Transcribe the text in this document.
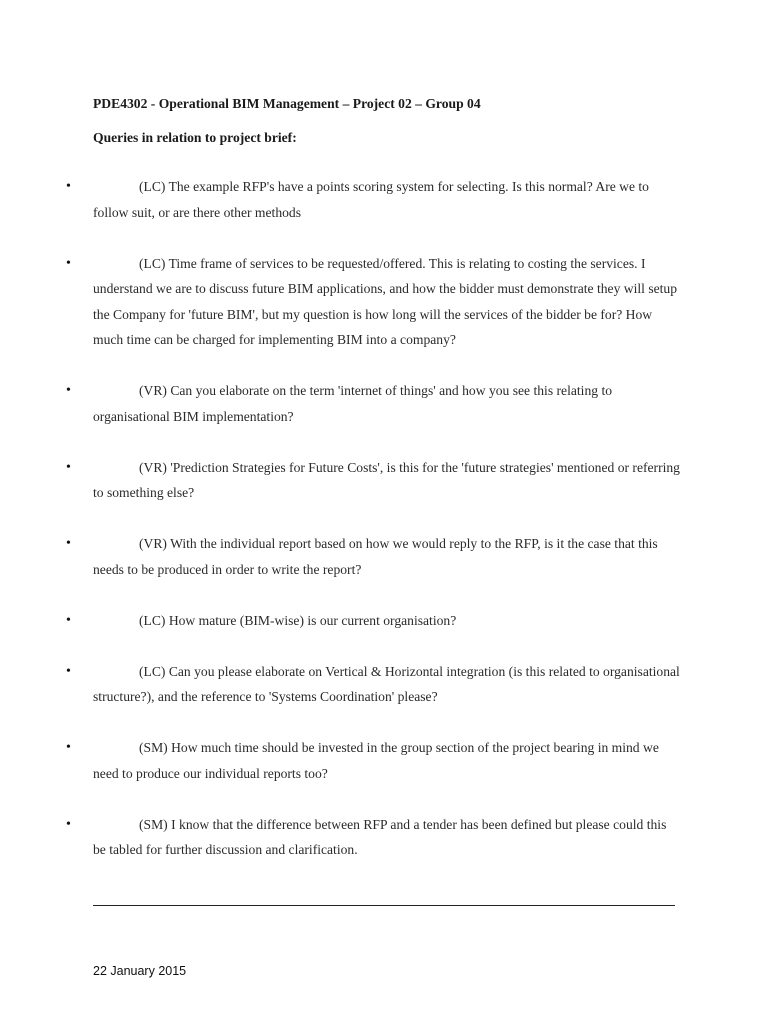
PDE4302 - Operational BIM Management – Project 02 – Group 04
Queries in relation to project brief:
•	(LC) The example RFP's have a points scoring system for selecting. Is this normal? Are we to follow suit, or are there other methods
•	(LC) Time frame of services to be requested/offered. This is relating to costing the services. I understand we are to discuss future BIM applications, and how the bidder must demonstrate they will setup the Company for 'future BIM', but my question is how long will the services of the bidder be for? How much time can be charged for implementing BIM into a company?
•	(VR) Can you elaborate on the term 'internet of things' and how you see this relating to organisational BIM implementation?
•	(VR) 'Prediction Strategies for Future Costs', is this for the 'future strategies' mentioned or referring to something else?
•	(VR) With the individual report based on how we would reply to the RFP, is it the case that this needs to be produced in order to write the report?
•	(LC) How mature (BIM-wise) is our current organisation?
•	(LC) Can you please elaborate on Vertical & Horizontal integration (is this related to organisational structure?), and the reference to 'Systems Coordination' please?
•	(SM) How much time should be invested in the group section of the project bearing in mind we need to produce our individual reports too?
•	(SM) I know that the difference between RFP and a tender has been defined but please could this be tabled for further discussion and clarification.
22 January 2015
